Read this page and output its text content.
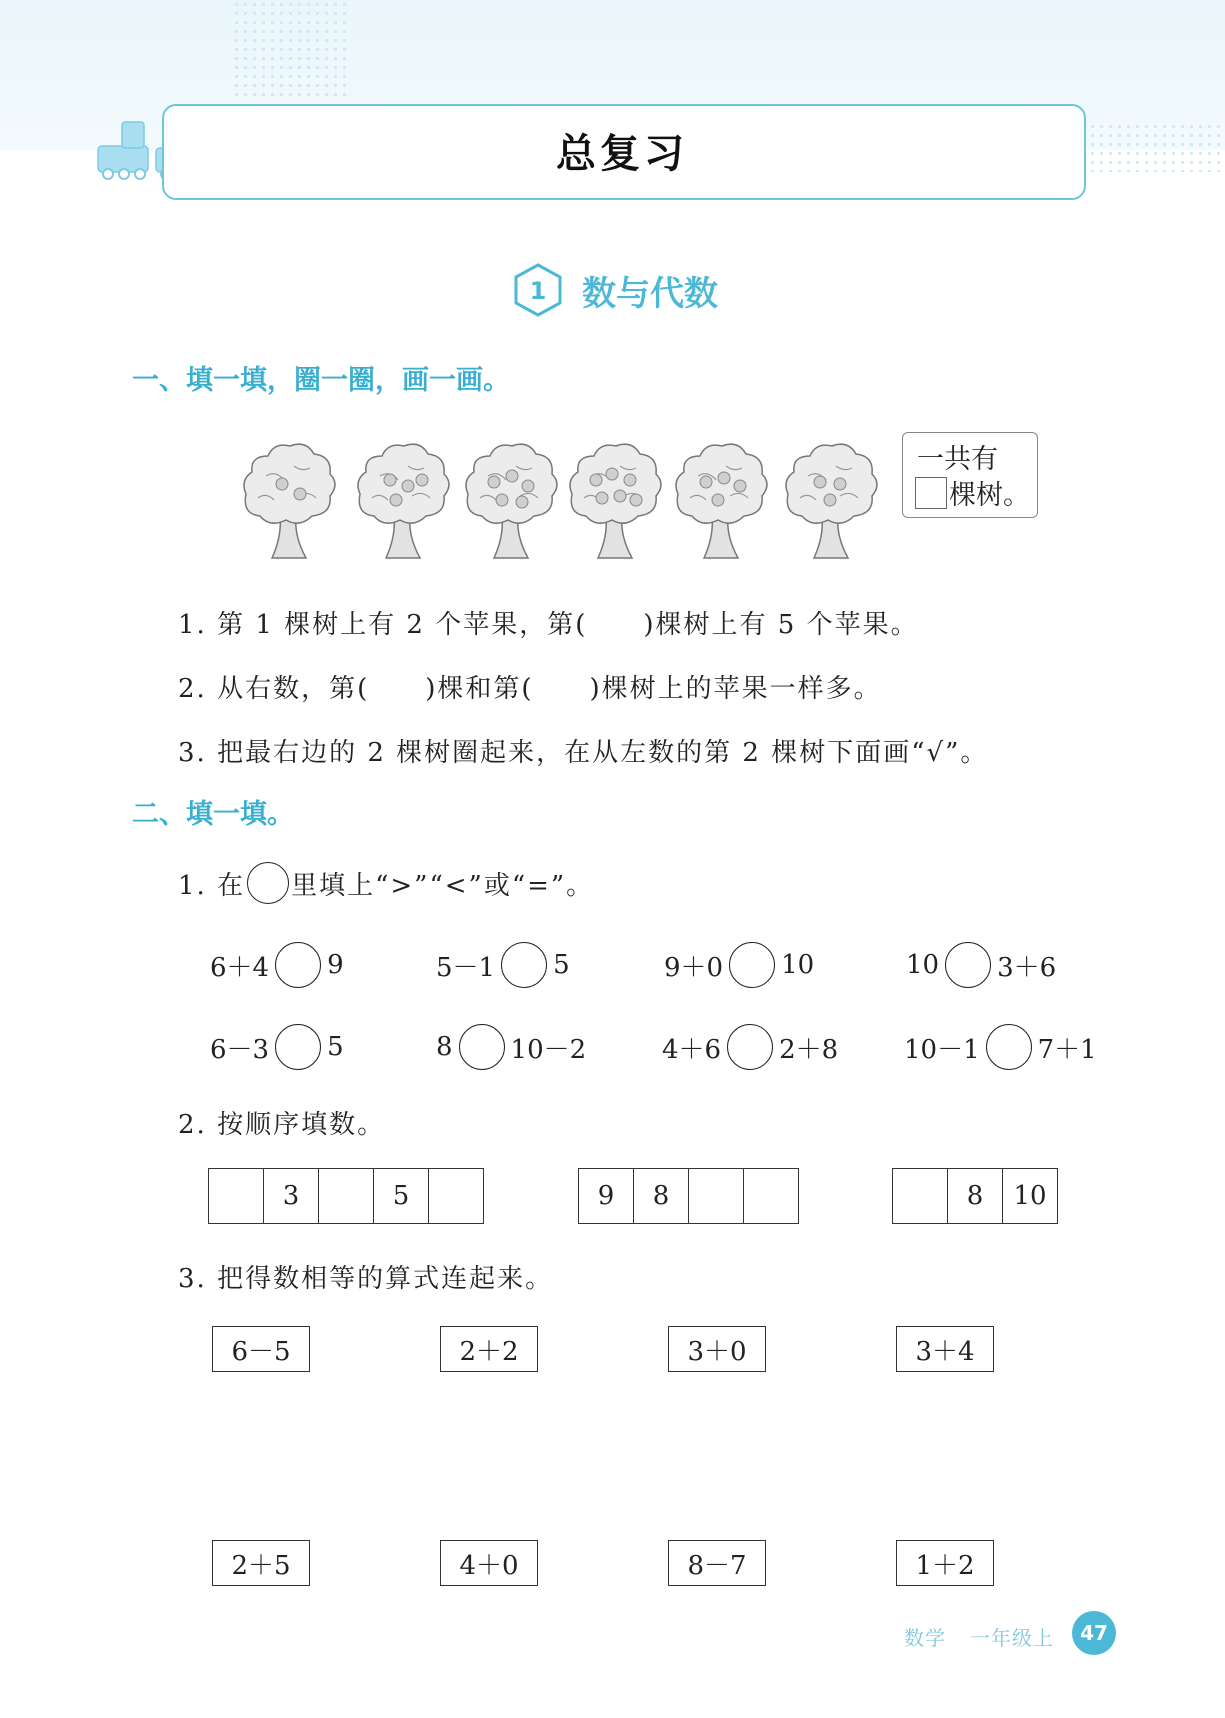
总复习
1 数与代数
一、填一填，圈一圈，画一画。
一共有
棵树。
1. 第 1 棵树上有 2 个苹果，第(　　)棵树上有 5 个苹果。
2. 从右数，第(　　)棵和第(　　)棵树上的苹果一样多。
3. 把最右边的 2 棵树圈起来，在从左数的第 2 棵树下面画“√”。
二、填一填。
1. 在 里填上“>”“<”或“=”。
6＋4 9	5－1 5	9＋0 10	10 3＋6
6－3 5	8 10－2	4＋6 2＋8	10－1 7＋1
2. 按顺序填数。
3	5	9	8	8	10
3. 把得数相等的算式连起来。
6－5	2＋2	3＋0	3＋4
2＋5	4＋0	8－7	1＋2
数学 一年级上	47
